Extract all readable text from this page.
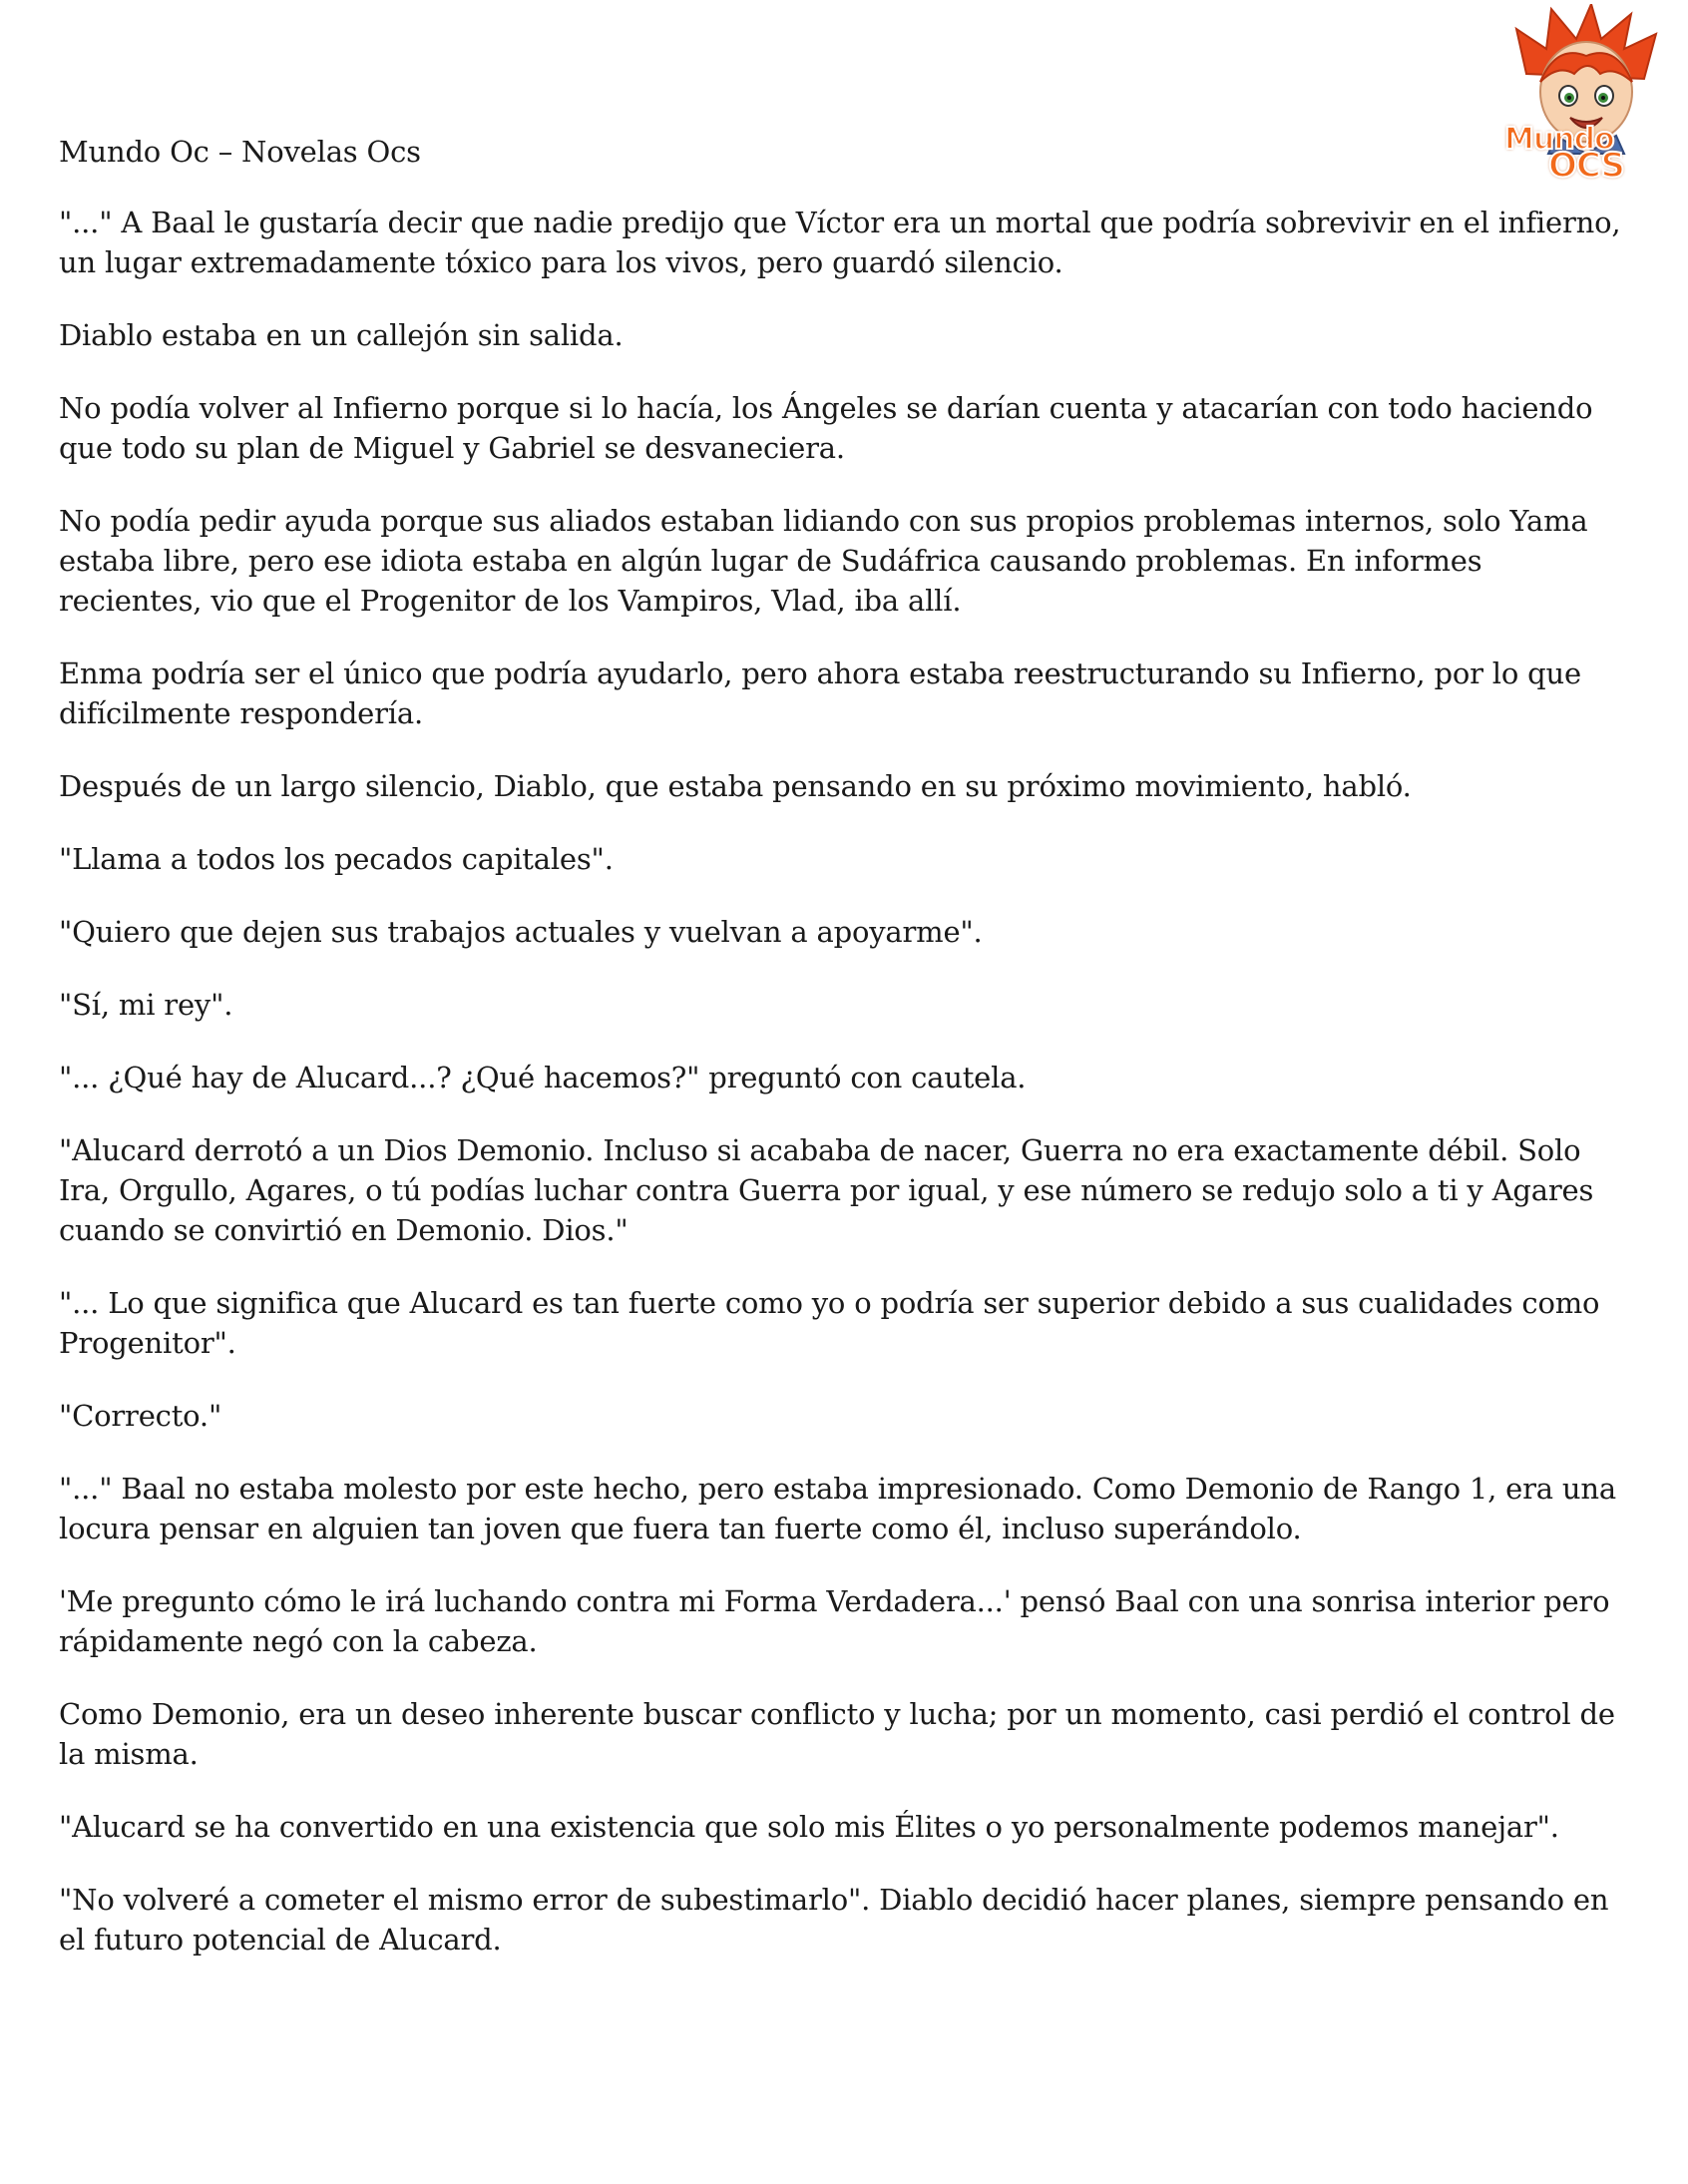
Mundo Oc – Novelas Ocs	Mundo
OCS

"..." A Baal le gustaría decir que nadie predijo que Víctor era un mortal que podría sobrevivir en el infierno, un lugar extremadamente tóxico para los vivos, pero guardó silencio.

Diablo estaba en un callejón sin salida.

No podía volver al Infierno porque si lo hacía, los Ángeles se darían cuenta y atacarían con todo haciendo que todo su plan de Miguel y Gabriel se desvaneciera.

No podía pedir ayuda porque sus aliados estaban lidiando con sus propios problemas internos, solo Yama estaba libre, pero ese idiota estaba en algún lugar de Sudáfrica causando problemas. En informes recientes, vio que el Progenitor de los Vampiros, Vlad, iba allí.

Enma podría ser el único que podría ayudarlo, pero ahora estaba reestructurando su Infierno, por lo que difícilmente respondería.

Después de un largo silencio, Diablo, que estaba pensando en su próximo movimiento, habló.

"Llama a todos los pecados capitales".

"Quiero que dejen sus trabajos actuales y vuelvan a apoyarme".

"Sí, mi rey".

"... ¿Qué hay de Alucard...? ¿Qué hacemos?" preguntó con cautela.

"Alucard derrotó a un Dios Demonio. Incluso si acababa de nacer, Guerra no era exactamente débil. Solo Ira, Orgullo, Agares, o tú podías luchar contra Guerra por igual, y ese número se redujo solo a ti y Agares cuando se convirtió en Demonio. Dios."

"... Lo que significa que Alucard es tan fuerte como yo o podría ser superior debido a sus cualidades como Progenitor".

"Correcto."

"..." Baal no estaba molesto por este hecho, pero estaba impresionado. Como Demonio de Rango 1, era una locura pensar en alguien tan joven que fuera tan fuerte como él, incluso superándolo.

'Me pregunto cómo le irá luchando contra mi Forma Verdadera...' pensó Baal con una sonrisa interior pero rápidamente negó con la cabeza.

Como Demonio, era un deseo inherente buscar conflicto y lucha; por un momento, casi perdió el control de la misma.

"Alucard se ha convertido en una existencia que solo mis Élites o yo personalmente podemos manejar".

"No volveré a cometer el mismo error de subestimarlo". Diablo decidió hacer planes, siempre pensando en el futuro potencial de Alucard.
